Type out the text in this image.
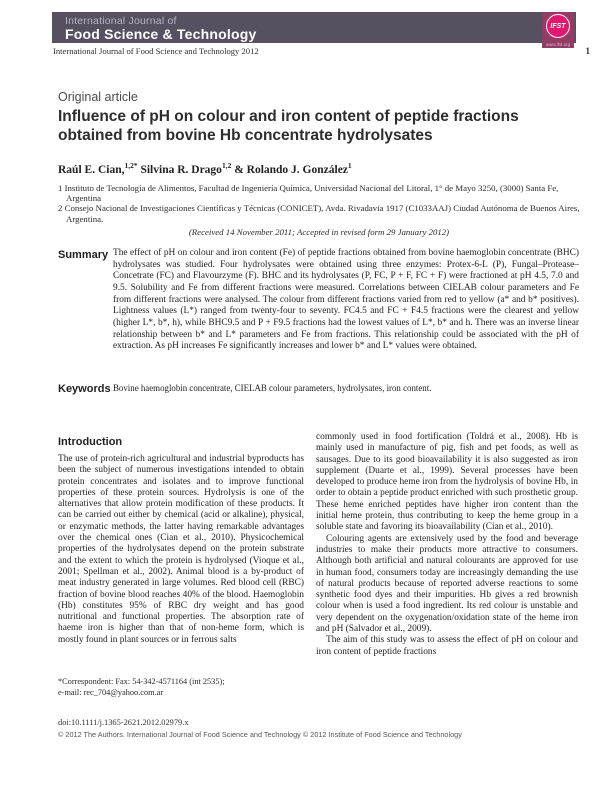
International Journal of
Food Science & Technology	IFST
www.ifst.org
International Journal of Food Science and Technology 2012	1
Original article
Influence of pH on colour and iron content of peptide fractions obtained from bovine Hb concentrate hydrolysates
Raúl E. Cian,$^{1,2*}$ Silvina R. Drago$^{1,2}$ & Rolando J. González$^1$

1 Instituto de Tecnología de Alimentos, Facultad de Ingeniería Química, Universidad Nacional del Litoral, 1° de Mayo 3250, (3000) Santa Fe, Argentina

2 Consejo Nacional de Investigaciones Científicas y Técnicas (CONICET), Avda. Rivadavia 1917 (C1033AAJ) Ciudad Autónoma de Buenos Aires, Argentina.

(Received 14 November 2011; Accepted in revised form 29 January 2012)
Summary The effect of pH on colour and iron content (Fe) of peptide fractions obtained from bovine haemoglobin concentrate (BHC) hydrolysates was studied. Four hydrolysates were obtained using three enzymes: Protex-6-L (P), Fungal–Protease–Concetrate (FC) and Flavourzyme (F). BHC and its hydrolysates (P, FC, P + F, FC + F) were fractioned at pH 4.5, 7.0 and 9.5. Solubility and Fe from different fractions were measured. Correlations between CIELAB colour parameters and Fe from different fractions were analysed. The colour from different fractions varied from red to yellow (a* and b* positives). Lightness values (L*) ranged from twenty-four to seventy. FC4.5 and FC + F4.5 fractions were the clearest and yellow (higher L*, b*, h), while BHC9.5 and P + F9.5 fractions had the lowest values of L*, b* and h. There was an inverse linear relationship between b* and L* parameters and Fe from fractions. This relationship could be associated with the pH of extraction. As pH increases Fe significantly increases and lower b* and L* values were obtained.
Keywords Bovine haemoglobin concentrate, CIELAB colour parameters, hydrolysates, iron content.
Introduction

The use of protein-rich agricultural and industrial byproducts has been the subject of numerous investigations intended to obtain protein concentrates and isolates and to improve functional properties of these protein sources. Hydrolysis is one of the alternatives that allow protein modification of these products. It can be carried out either by chemical (acid or alkaline), physical, or enzymatic methods, the latter having remarkable advantages over the chemical ones (Cian et al., 2010). Physicochemical properties of the hydrolysates depend on the protein substrate and the extent to which the protein is hydrolysed (Vioque et al., 2001; Spellman et al., 2002). Animal blood is a by-product of meat industry generated in large volumes. Red blood cell (RBC) fraction of bovine blood reaches 40% of the blood. Haemoglobin (Hb) constitutes 95% of RBC dry weight and has good nutritional and functional properties. The absorption rate of haeme iron is higher than that of non-heme form, which is mostly found in plant sources or in ferrous salts

commonly used in food fortification (Toldrá et al., 2008). Hb is mainly used in manufacture of pig, fish and pet foods, as well as sausages. Due to its good bioavailability it is also suggested as iron supplement (Duarte et al., 1999). Several processes have been developed to produce heme iron from the hydrolysis of bovine Hb, in order to obtain a peptide product enriched with such prosthetic group. These heme enriched peptides have higher iron content than the initial heme protein, thus contributing to keep the heme group in a soluble state and favoring its bioavailability (Cian et al., 2010).

Colouring agents are extensively used by the food and beverage industries to make their products more attractive to consumers. Although both artificial and natural colourants are approved for use in human food, consumers today are increasingly demanding the use of natural products because of reported adverse reactions to some synthetic food dyes and their impurities. Hb gives a red brownish colour when is used a food ingredient. Its red colour is unstable and very dependent on the oxygenation/oxidation state of the heme iron and pH (Salvador et al., 2009).

The aim of this study was to assess the effect of pH on colour and iron content of peptide fractions

*Correspondent: Fax: 54-342-4571164 (int 2535);

e-mail: rec_704@yahoo.com.ar

doi:10.1111/j.1365-2621.2012.02979.x
© 2012 The Authors. International Journal of Food Science and Technology © 2012 Institute of Food Science and Technology
